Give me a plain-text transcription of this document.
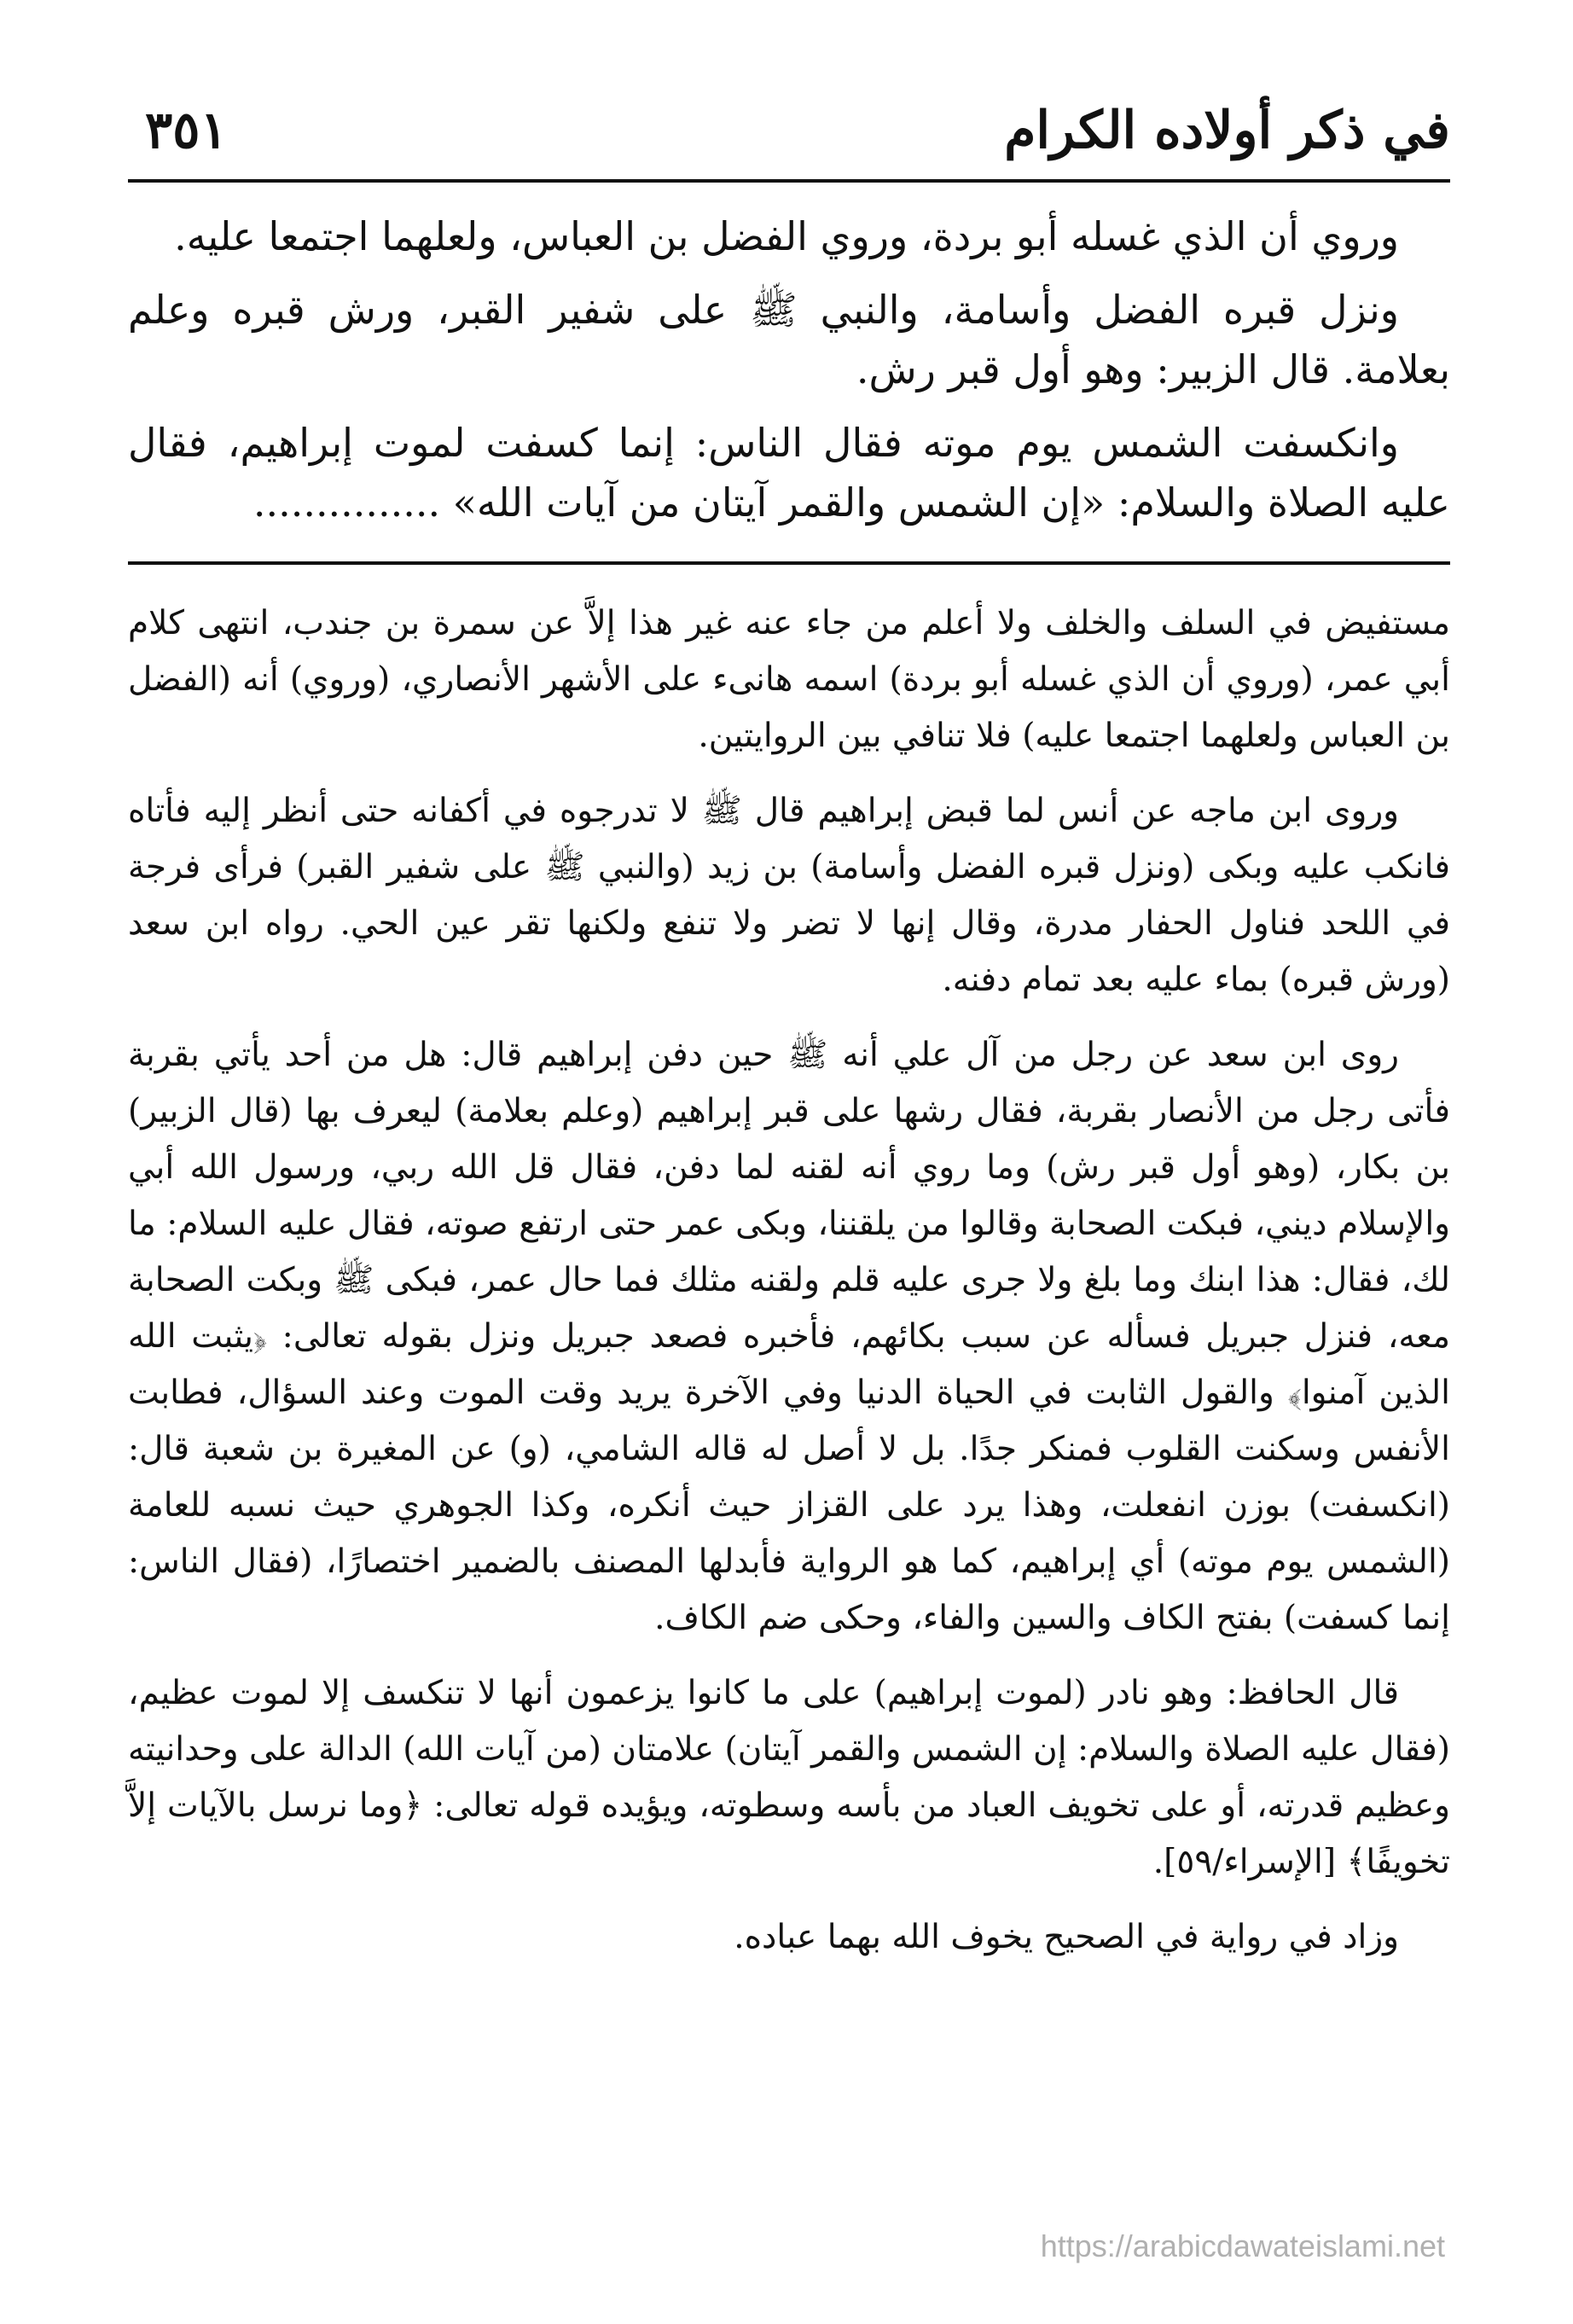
في ذكر أولاده الكرام
٣٥١

وروي أن الذي غسله أبو بردة، وروي الفضل بن العباس، ولعلهما اجتمعا عليه.

ونزل قبره الفضل وأسامة، والنبي ﷺ على شفير القبر، ورش قبره وعلم بعلامة. قال الزبير: وهو أول قبر رش.

وانكسفت الشمس يوم موته فقال الناس: إنما كسفت لموت إبراهيم، فقال عليه الصلاة والسلام: «إن الشمس والقمر آيتان من آيات الله» ...............

مستفيض في السلف والخلف ولا أعلم من جاء عنه غير هذا إلاَّ عن سمرة بن جندب، انتهى كلام أبي عمر، (وروي أن الذي غسله أبو بردة) اسمه هانىء على الأشهر الأنصاري، (وروي) أنه (الفضل بن العباس ولعلهما اجتمعا عليه) فلا تنافي بين الروايتين.

وروى ابن ماجه عن أنس لما قبض إبراهيم قال ﷺ لا تدرجوه في أكفانه حتى أنظر إليه فأتاه فانكب عليه وبكى (ونزل قبره الفضل وأسامة) بن زيد (والنبي ﷺ على شفير القبر) فرأى فرجة في اللحد فناول الحفار مدرة، وقال إنها لا تضر ولا تنفع ولكنها تقر عين الحي. رواه ابن سعد (ورش قبره) بماء عليه بعد تمام دفنه.

روى ابن سعد عن رجل من آل علي أنه ﷺ حين دفن إبراهيم قال: هل من أحد يأتي بقربة فأتى رجل من الأنصار بقربة، فقال رشها على قبر إبراهيم (وعلم بعلامة) ليعرف بها (قال الزبير) بن بكار، (وهو أول قبر رش) وما روي أنه لقنه لما دفن، فقال قل الله ربي، ورسول الله أبي والإسلام ديني، فبكت الصحابة وقالوا من يلقننا، وبكى عمر حتى ارتفع صوته، فقال عليه السلام: ما لك، فقال: هذا ابنك وما بلغ ولا جرى عليه قلم ولقنه مثلك فما حال عمر، فبكى ﷺ وبكت الصحابة معه، فنزل جبريل فسأله عن سبب بكائهم، فأخبره فصعد جبريل ونزل بقوله تعالى: ﴿يثبت الله الذين آمنوا﴾ والقول الثابت في الحياة الدنيا وفي الآخرة يريد وقت الموت وعند السؤال، فطابت الأنفس وسكنت القلوب فمنكر جدًا. بل لا أصل له قاله الشامي، (و) عن المغيرة بن شعبة قال: (انكسفت) بوزن انفعلت، وهذا يرد على القزاز حيث أنكره، وكذا الجوهري حيث نسبه للعامة (الشمس يوم موته) أي إبراهيم، كما هو الرواية فأبدلها المصنف بالضمير اختصارًا، (فقال الناس: إنما كسفت) بفتح الكاف والسين والفاء، وحكى ضم الكاف.

قال الحافظ: وهو نادر (لموت إبراهيم) على ما كانوا يزعمون أنها لا تنكسف إلا لموت عظيم، (فقال عليه الصلاة والسلام: إن الشمس والقمر آيتان) علامتان (من آيات الله) الدالة على وحدانيته وعظيم قدرته، أو على تخويف العباد من بأسه وسطوته، ويؤيده قوله تعالى: ﴿وما نرسل بالآيات إلاَّ تخويفًا﴾ [الإسراء/٥٩].

وزاد في رواية في الصحيح يخوف الله بهما عباده.

https://arabicdawateislami.net
